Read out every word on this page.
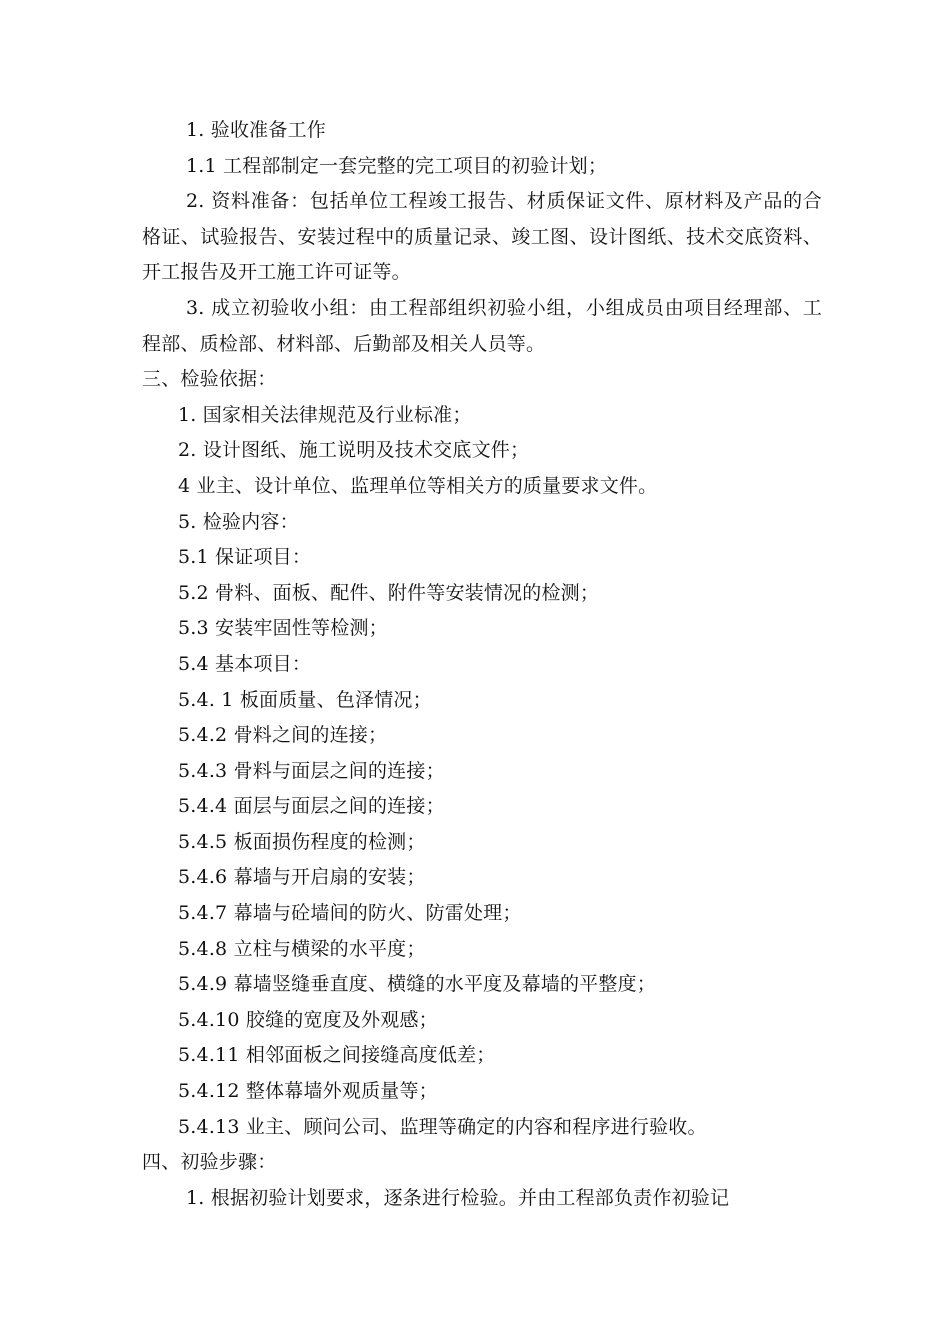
1. 验收准备工作
1.1 工程部制定一套完整的完工项目的初验计划；
2. 资料准备：包括单位工程竣工报告、材质保证文件、原材料及产品的合格证、试验报告、安装过程中的质量记录、竣工图、设计图纸、技术交底资料、开工报告及开工施工许可证等。
3. 成立初验收小组：由工程部组织初验小组，小组成员由项目经理部、工程部、质检部、材料部、后勤部及相关人员等。
三、检验依据：
1. 国家相关法律规范及行业标准；
2. 设计图纸、施工说明及技术交底文件；
4 业主、设计单位、监理单位等相关方的质量要求文件。
5. 检验内容：
5.1 保证项目：
5.2 骨料、面板、配件、附件等安装情况的检测；
5.3 安装牢固性等检测；
5.4 基本项目：
5.4. 1 板面质量、色泽情况；
5.4.2 骨料之间的连接；
5.4.3 骨料与面层之间的连接；
5.4.4 面层与面层之间的连接；
5.4.5 板面损伤程度的检测；
5.4.6 幕墙与开启扇的安装；
5.4.7 幕墙与砼墙间的防火、防雷处理；
5.4.8 立柱与横梁的水平度；
5.4.9 幕墙竖缝垂直度、横缝的水平度及幕墙的平整度；
5.4.10 胶缝的宽度及外观感；
5.4.11 相邻面板之间接缝高度低差；
5.4.12 整体幕墙外观质量等；
5.4.13 业主、顾问公司、监理等确定的内容和程序进行验收。
四、初验步骤：
1. 根据初验计划要求，逐条进行检验。并由工程部负责作初验记
